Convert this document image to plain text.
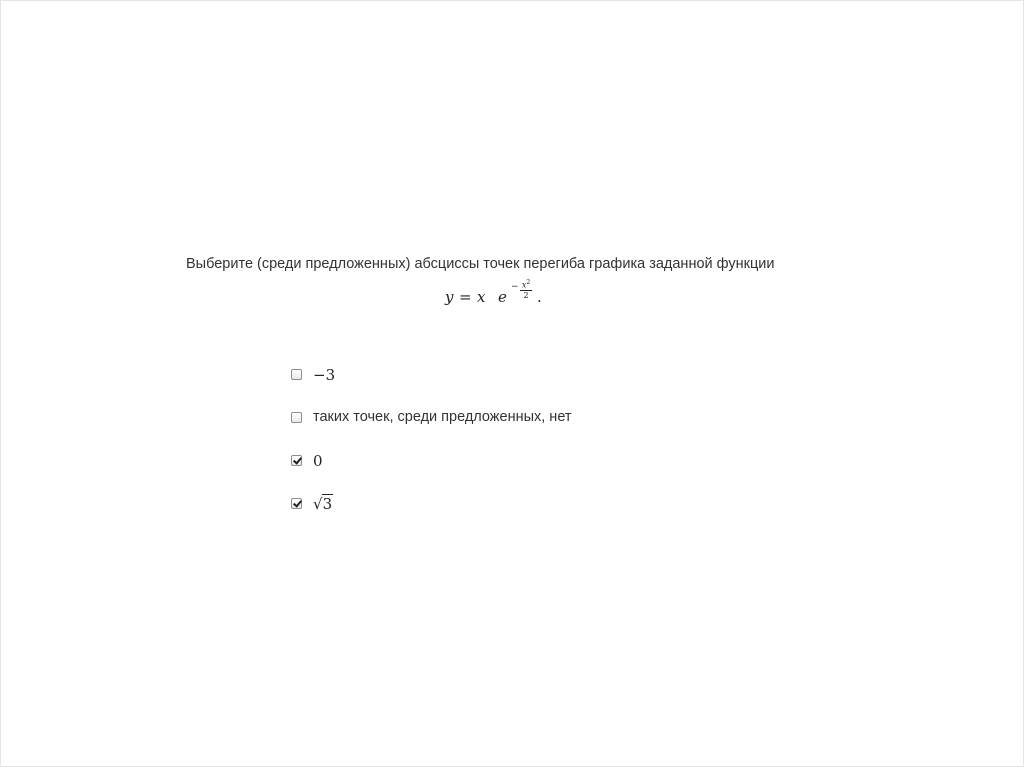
Выберите (среди предложенных) абсциссы точек перегиба графика заданной функции
y = x e
− $x^2$
2 .
−3
таких точек, среди предложенных, нет
0
√3
